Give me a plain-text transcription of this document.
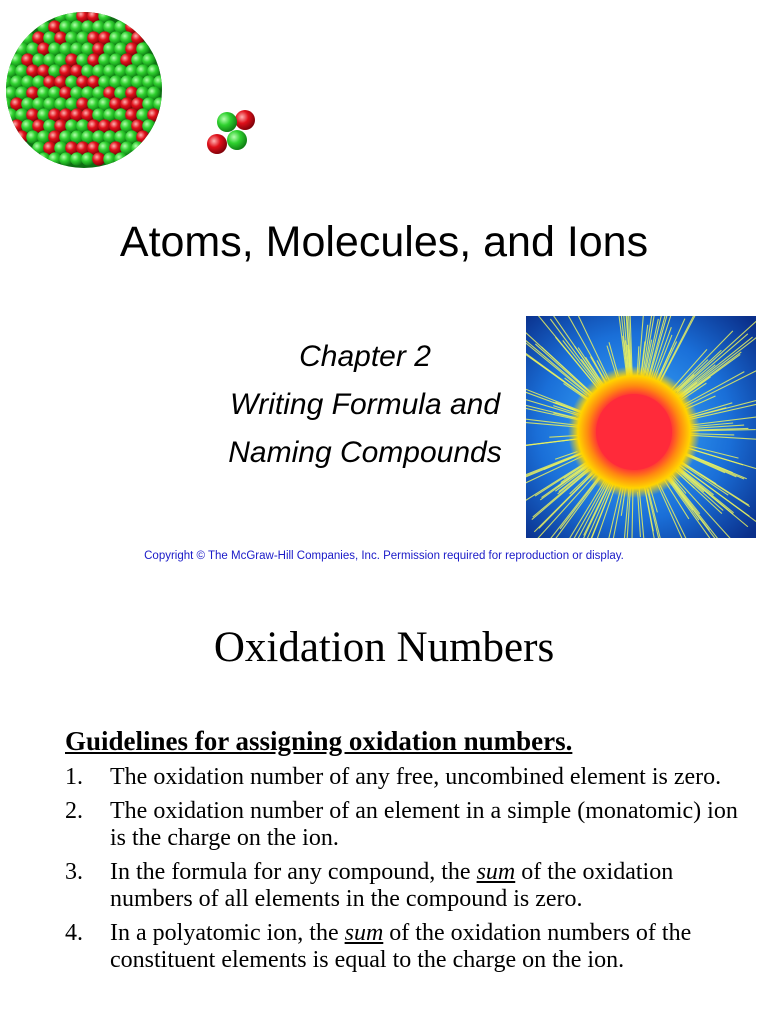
Atoms, Molecules, and Ions
Chapter 2
Writing Formula and
Naming Compounds
Copyright © The McGraw-Hill Companies, Inc. Permission required for reproduction or display.
Oxidation Numbers
Guidelines for assigning oxidation numbers.
1.	The oxidation number of any free, uncombined element is zero.
2.	The oxidation number of an element in a simple (monatomic) ion is the charge on the ion.
3.	In the formula for any compound, the sum of the oxidation numbers of all elements in the compound is zero.
4.	In a polyatomic ion, the sum of the oxidation numbers of the constituent elements is equal to the charge on the ion.
